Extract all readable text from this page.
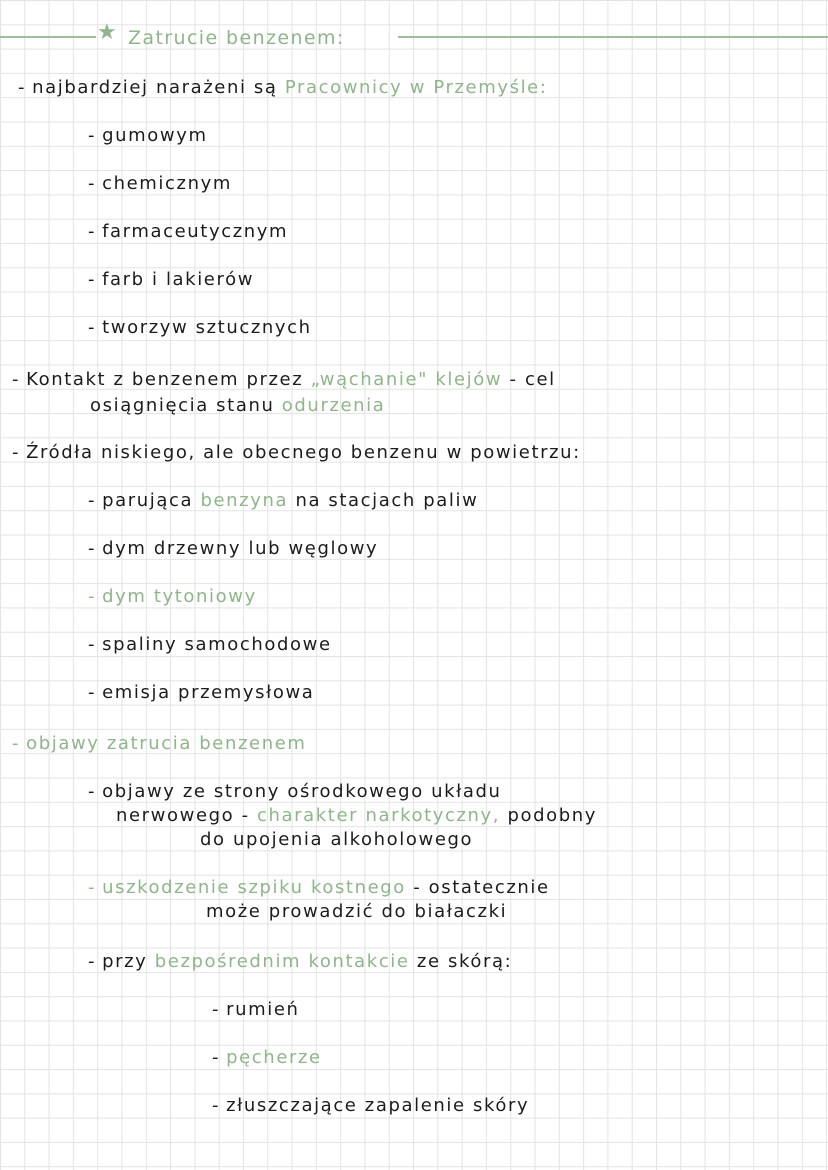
★ Zatrucie benzenem:
- najbardziej narażeni są Pracownicy w Przemyśle:
- gumowym
- chemicznym
- farmaceutycznym
- farb i lakierów
- tworzyw sztucznych
- Kontakt z benzenem przez „wąchanie" klejów - cel
osiągnięcia stanu odurzenia
- Źródła niskiego, ale obecnego benzenu w powietrzu:
- parująca benzyna na stacjach paliw
- dym drzewny lub węglowy
- dym tytoniowy
- spaliny samochodowe
- emisja przemysłowa
- objawy zatrucia benzenem
- objawy ze strony ośrodkowego układu
nerwowego - charakter narkotyczny, podobny
do upojenia alkoholowego
- uszkodzenie szpiku kostnego - ostatecznie
może prowadzić do białaczki
- przy bezpośrednim kontakcie ze skórą:
- rumień
- pęcherze
- złuszczające zapalenie skóry
